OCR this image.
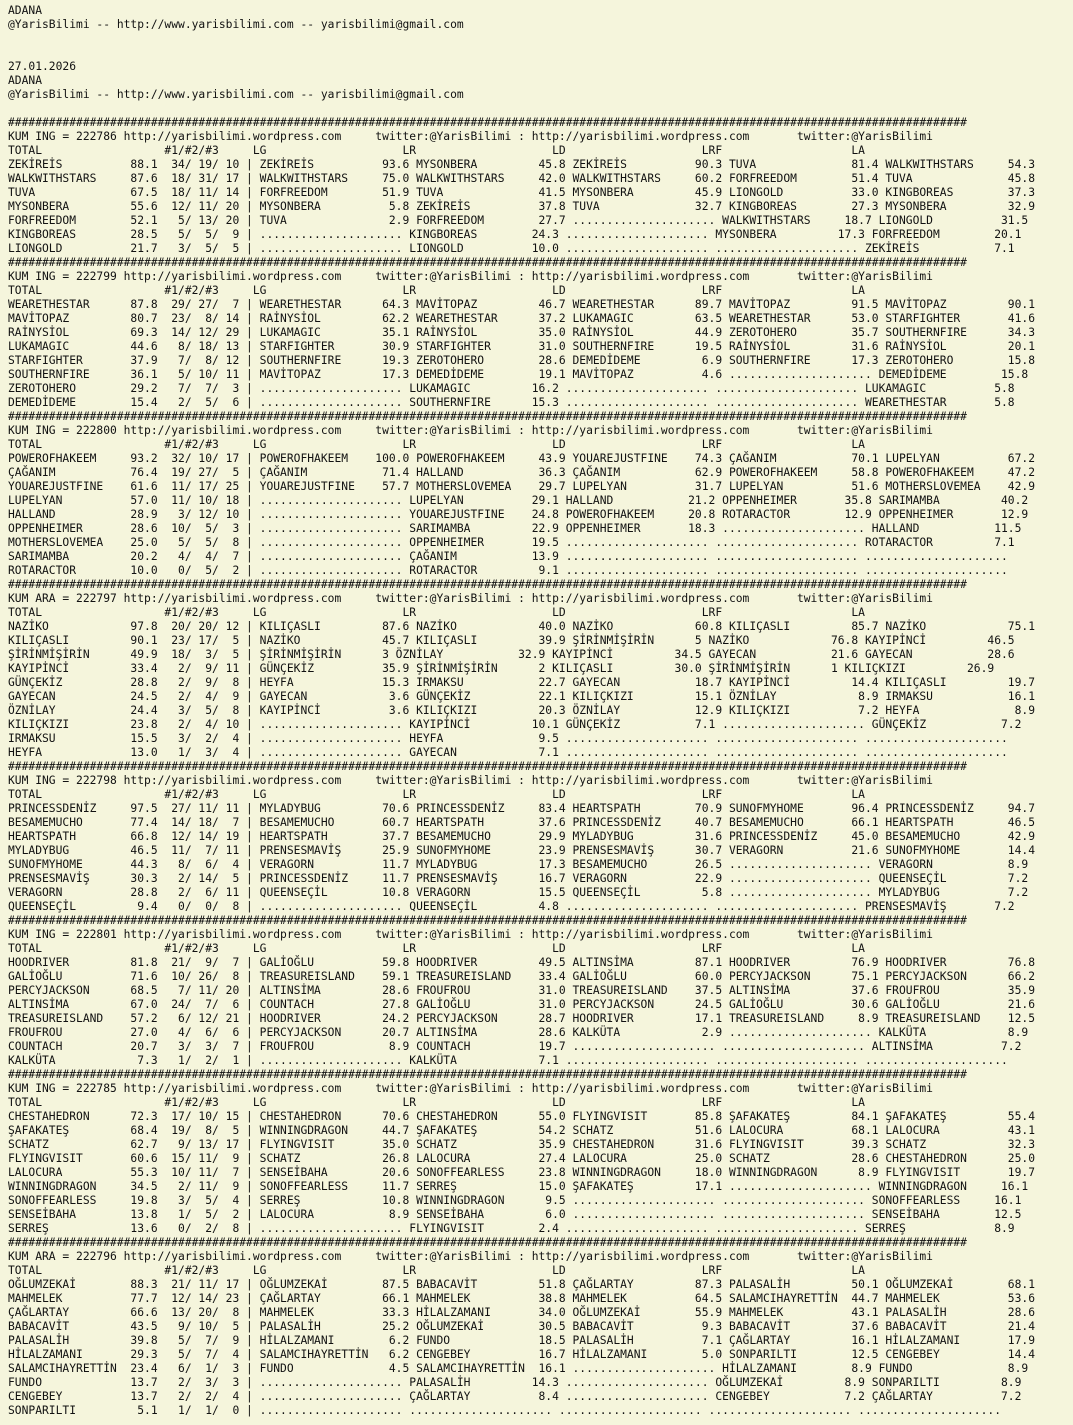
ADANA
@YarisBilimi -- http://www.yarisbilimi.com -- yarisbilimi@gmail.com
27.01.2026
ADANA
@YarisBilimi -- http://www.yarisbilimi.com -- yarisbilimi@gmail.com
#############################################################################################################################################
KUM ING = 222786 http://yarisbilimi.wordpress.com     twitter:@YarisBilimi : http://yarisbilimi.wordpress.com       twitter:@YarisBilimi
TOTAL                  #1/#2/#3     LG                    LR                    LD                    LRF                   LA
ZEKİREİS          88.1  34/ 19/ 10 | ZEKİREİS          93.6 MYSONBERA         45.8 ZEKİREİS          90.3 TUVA              81.4 WALKWITHSTARS     54.3
WALKWITHSTARS     87.6  18/ 31/ 17 | WALKWITHSTARS     75.0 WALKWITHSTARS     42.0 WALKWITHSTARS     60.2 FORFREEDOM        51.4 TUVA              45.8
TUVA              67.5  18/ 11/ 14 | FORFREEDOM        51.9 TUVA              41.5 MYSONBERA         45.9 LIONGOLD          33.0 KINGBOREAS        37.3
MYSONBERA         55.6  12/ 11/ 20 | MYSONBERA          5.8 ZEKİREİS          37.8 TUVA              32.7 KINGBOREAS        27.3 MYSONBERA         32.9
FORFREEDOM        52.1   5/ 13/ 20 | TUVA               2.9 FORFREEDOM        27.7 ..................... WALKWITHSTARS     18.7 LIONGOLD          31.5
KINGBOREAS        28.5   5/  5/  9 | ..................... KINGBOREAS        24.3 ..................... MYSONBERA         17.3 FORFREEDOM        20.1
LIONGOLD          21.7   3/  5/  5 | ..................... LIONGOLD          10.0 ..................... ..................... ZEKİREİS           7.1
#############################################################################################################################################
KUM ING = 222799 http://yarisbilimi.wordpress.com     twitter:@YarisBilimi : http://yarisbilimi.wordpress.com       twitter:@YarisBilimi
TOTAL                  #1/#2/#3     LG                    LR                    LD                    LRF                   LA
WEARETHESTAR      87.8  29/ 27/  7 | WEARETHESTAR      64.3 MAVİTOPAZ         46.7 WEARETHESTAR      89.7 MAVİTOPAZ         91.5 MAVİTOPAZ         90.1
MAVİTOPAZ         80.7  23/  8/ 14 | RAİNYSİOL         62.2 WEARETHESTAR      37.2 LUKAMAGIC         63.5 WEARETHESTAR      53.0 STARFIGHTER       41.6
RAİNYSİOL         69.3  14/ 12/ 29 | LUKAMAGIC         35.1 RAİNYSİOL         35.0 RAİNYSİOL         44.9 ZEROTOHERO        35.7 SOUTHERNFIRE      34.3
LUKAMAGIC         44.6   8/ 18/ 13 | STARFIGHTER       30.9 STARFIGHTER       31.0 SOUTHERNFIRE      19.5 RAİNYSİOL         31.6 RAİNYSİOL         20.1
STARFIGHTER       37.9   7/  8/ 12 | SOUTHERNFIRE      19.3 ZEROTOHERO        28.6 DEMEDİDEME         6.9 SOUTHERNFIRE      17.3 ZEROTOHERO        15.8
SOUTHERNFIRE      36.1   5/ 10/ 11 | MAVİTOPAZ         17.3 DEMEDİDEME        19.1 MAVİTOPAZ          4.6 ..................... DEMEDİDEME        15.8
ZEROTOHERO        29.2   7/  7/  3 | ..................... LUKAMAGIC         16.2 ..................... ..................... LUKAMAGIC          5.8
DEMEDİDEME        15.4   2/  5/  6 | ..................... SOUTHERNFIRE      15.3 ..................... ..................... WEARETHESTAR       5.8
#############################################################################################################################################
KUM ING = 222800 http://yarisbilimi.wordpress.com     twitter:@YarisBilimi : http://yarisbilimi.wordpress.com       twitter:@YarisBilimi
TOTAL                  #1/#2/#3     LG                    LR                    LD                    LRF                   LA
POWEROFHAKEEM     93.2  32/ 10/ 17 | POWEROFHAKEEM    100.0 POWEROFHAKEEM     43.9 YOUAREJUSTFINE    74.3 ÇAĞANIM           70.1 LUPELYAN          67.2
ÇAĞANIM           76.4  19/ 27/  5 | ÇAĞANIM           71.4 HALLAND           36.3 ÇAĞANIM           62.9 POWEROFHAKEEM     58.8 POWEROFHAKEEM     47.2
YOUAREJUSTFINE    61.6  11/ 17/ 25 | YOUAREJUSTFINE    57.7 MOTHERSLOVEMEA    29.7 LUPELYAN          31.7 LUPELYAN          51.6 MOTHERSLOVEMEA    42.9
LUPELYAN          57.0  11/ 10/ 18 | ..................... LUPELYAN          29.1 HALLAND           21.2 OPPENHEIMER       35.8 SARIMAMBA         40.2
HALLAND           28.9   3/ 12/ 10 | ..................... YOUAREJUSTFINE    24.8 POWEROFHAKEEM     20.8 ROTARACTOR        12.9 OPPENHEIMER       12.9
OPPENHEIMER       28.6  10/  5/  3 | ..................... SARIMAMBA         22.9 OPPENHEIMER       18.3 ..................... HALLAND           11.5
MOTHERSLOVEMEA    25.0   5/  5/  8 | ..................... OPPENHEIMER       19.5 ..................... ..................... ROTARACTOR         7.1
SARIMAMBA         20.2   4/  4/  7 | ..................... ÇAĞANIM           13.9 ..................... ..................... .....................
ROTARACTOR        10.0   0/  5/  2 | ..................... ROTARACTOR         9.1 ..................... ..................... .....................
#############################################################################################################################################
KUM ARA = 222797 http://yarisbilimi.wordpress.com     twitter:@YarisBilimi : http://yarisbilimi.wordpress.com       twitter:@YarisBilimi
TOTAL                  #1/#2/#3     LG                    LR                    LD                    LRF                   LA
NAZİKO            97.8  20/ 20/ 12 | KILIÇASLI         87.6 NAZİKO            40.0 NAZİKO            60.8 KILIÇASLI         85.7 NAZİKO            75.1
KILIÇASLI         90.1  23/ 17/  5 | NAZİKO            45.7 KILIÇASLI         39.9 ŞİRİNMİŞİRİN      5 NAZİKO            76.8 KAYIPİNCİ         46.5
ŞİRİNMİŞİRİN      49.9  18/  3/  5 | ŞİRİNMİŞİRİN      3 ÖZNİLAY           32.9 KAYIPİNCİ         34.5 GAYECAN           21.6 GAYECAN           28.6
KAYIPİNCİ         33.4   2/  9/ 11 | GÜNÇEKİZ          35.9 ŞİRİNMİŞİRİN      2 KILIÇASLI         30.0 ŞİRİNMİŞİRİN      1 KILIÇKIZI         26.9
GÜNÇEKİZ          28.8   2/  9/  8 | HEYFA             15.3 IRMAKSU           22.7 GAYECAN           18.7 KAYIPİNCİ         14.4 KILIÇASLI         19.7
GAYECAN           24.5   2/  4/  9 | GAYECAN            3.6 GÜNÇEKİZ          22.1 KILIÇKIZI         15.1 ÖZNİLAY            8.9 IRMAKSU           16.1
ÖZNİLAY           24.4   3/  5/  8 | KAYIPİNCİ          3.6 KILIÇKIZI         20.3 ÖZNİLAY           12.9 KILIÇKIZI          7.2 HEYFA              8.9
KILIÇKIZI         23.8   2/  4/ 10 | ..................... KAYIPİNCİ         10.1 GÜNÇEKİZ           7.1 ..................... GÜNÇEKİZ           7.2
IRMAKSU           15.5   3/  2/  4 | ..................... HEYFA              9.5 ..................... ..................... .....................
HEYFA             13.0   1/  3/  4 | ..................... GAYECAN            7.1 ..................... ..................... .....................
#############################################################################################################################################
KUM ING = 222798 http://yarisbilimi.wordpress.com     twitter:@YarisBilimi : http://yarisbilimi.wordpress.com       twitter:@YarisBilimi
TOTAL                  #1/#2/#3     LG                    LR                    LD                    LRF                   LA
PRINCESSDENİZ     97.5  27/ 11/ 11 | MYLADYBUG         70.6 PRINCESSDENİZ     83.4 HEARTSPATH        70.9 SUNOFMYHOME       96.4 PRINCESSDENİZ     94.7
BESAMEMUCHO       77.4  14/ 18/  7 | BESAMEMUCHO       60.7 HEARTSPATH        37.6 PRINCESSDENİZ     40.7 BESAMEMUCHO       66.1 HEARTSPATH        46.5
HEARTSPATH        66.8  12/ 14/ 19 | HEARTSPATH        37.7 BESAMEMUCHO       29.9 MYLADYBUG         31.6 PRINCESSDENİZ     45.0 BESAMEMUCHO       42.9
MYLADYBUG         46.5  11/  7/ 11 | PRENSESMAVİŞ      25.9 SUNOFMYHOME       23.9 PRENSESMAVİŞ      30.7 VERAGORN          21.6 SUNOFMYHOME       14.4
SUNOFMYHOME       44.3   8/  6/  4 | VERAGORN          11.7 MYLADYBUG         17.3 BESAMEMUCHO       26.5 ..................... VERAGORN           8.9
PRENSESMAVİŞ      30.3   2/ 14/  5 | PRINCESSDENİZ     11.7 PRENSESMAVİŞ      16.7 VERAGORN          22.9 ..................... QUEENSEÇİL         7.2
VERAGORN          28.8   2/  6/ 11 | QUEENSEÇİL        10.8 VERAGORN          15.5 QUEENSEÇİL         5.8 ..................... MYLADYBUG          7.2
QUEENSEÇİL         9.4   0/  0/  8 | ..................... QUEENSEÇİL         4.8 ..................... ..................... PRENSESMAVİŞ       7.2
#############################################################################################################################################
KUM ING = 222801 http://yarisbilimi.wordpress.com     twitter:@YarisBilimi : http://yarisbilimi.wordpress.com       twitter:@YarisBilimi
TOTAL                  #1/#2/#3     LG                    LR                    LD                    LRF                   LA
HOODRIVER         81.8  21/  9/  7 | GALİOĞLU          59.8 HOODRIVER         49.5 ALTINSİMA         87.1 HOODRIVER         76.9 HOODRIVER         76.8
GALİOĞLU          71.6  10/ 26/  8 | TREASUREISLAND    59.1 TREASUREISLAND    33.4 GALİOĞLU          60.0 PERCYJACKSON      75.1 PERCYJACKSON      66.2
PERCYJACKSON      68.5   7/ 11/ 20 | ALTINSİMA         28.6 FROUFROU          31.0 TREASUREISLAND    37.5 ALTINSİMA         37.6 FROUFROU          35.9
ALTINSİMA         67.0  24/  7/  6 | COUNTACH          27.8 GALİOĞLU          31.0 PERCYJACKSON      24.5 GALİOĞLU          30.6 GALİOĞLU          21.6
TREASUREISLAND    57.2   6/ 12/ 21 | HOODRIVER         24.2 PERCYJACKSON      28.7 HOODRIVER         17.1 TREASUREISLAND     8.9 TREASUREISLAND    12.5
FROUFROU          27.0   4/  6/  6 | PERCYJACKSON      20.7 ALTINSİMA         28.6 KALKÜTA            2.9 ..................... KALKÜTA            8.9
COUNTACH          20.7   3/  3/  7 | FROUFROU           8.9 COUNTACH          19.7 ..................... ..................... ALTINSİMA          7.2
KALKÜTA            7.3   1/  2/  1 | ..................... KALKÜTA            7.1 ..................... ..................... .....................
#############################################################################################################################################
KUM ING = 222785 http://yarisbilimi.wordpress.com     twitter:@YarisBilimi : http://yarisbilimi.wordpress.com       twitter:@YarisBilimi
TOTAL                  #1/#2/#3     LG                    LR                    LD                    LRF                   LA
CHESTAHEDRON      72.3  17/ 10/ 15 | CHESTAHEDRON      70.6 CHESTAHEDRON      55.0 FLYINGVISIT       85.8 ŞAFAKATEŞ         84.1 ŞAFAKATEŞ         55.4
ŞAFAKATEŞ         68.4  19/  8/  5 | WINNINGDRAGON     44.7 ŞAFAKATEŞ         54.2 SCHATZ            51.6 LALOCURA          68.1 LALOCURA          43.1
SCHATZ            62.7   9/ 13/ 17 | FLYINGVISIT       35.0 SCHATZ            35.9 CHESTAHEDRON      31.6 FLYINGVISIT       39.3 SCHATZ            32.3
FLYINGVISIT       60.6  15/ 11/  9 | SCHATZ            26.8 LALOCURA          27.4 LALOCURA          25.0 SCHATZ            28.6 CHESTAHEDRON      25.0
LALOCURA          55.3  10/ 11/  7 | SENSEİBAHA        20.6 SONOFFEARLESS     23.8 WINNINGDRAGON     18.0 WINNINGDRAGON      8.9 FLYINGVISIT       19.7
WINNINGDRAGON     34.5   2/ 11/  9 | SONOFFEARLESS     11.7 SERREŞ            15.0 ŞAFAKATEŞ         17.1 ..................... WINNINGDRAGON     16.1
SONOFFEARLESS     19.8   3/  5/  4 | SERREŞ            10.8 WINNINGDRAGON      9.5 ..................... ..................... SONOFFEARLESS     16.1
SENSEİBAHA        13.8   1/  5/  2 | LALOCURA           8.9 SENSEİBAHA         6.0 ..................... ..................... SENSEİBAHA        12.5
SERREŞ            13.6   0/  2/  8 | ..................... FLYINGVISIT        2.4 ..................... ..................... SERREŞ             8.9
#############################################################################################################################################
KUM ARA = 222796 http://yarisbilimi.wordpress.com     twitter:@YarisBilimi : http://yarisbilimi.wordpress.com       twitter:@YarisBilimi
TOTAL                  #1/#2/#3     LG                    LR                    LD                    LRF                   LA
OĞLUMZEKAİ        88.3  21/ 11/ 17 | OĞLUMZEKAİ        87.5 BABACAVİT         51.8 ÇAĞLARTAY         87.3 PALASALİH         50.1 OĞLUMZEKAİ        68.1
MAHMELEK          77.7  12/ 14/ 23 | ÇAĞLARTAY         66.1 MAHMELEK          38.8 MAHMELEK          64.5 SALAMCIHAYRETTİN  44.7 MAHMELEK          53.6
ÇAĞLARTAY         66.6  13/ 20/  8 | MAHMELEK          33.3 HİLALZAMANI       34.0 OĞLUMZEKAİ        55.9 MAHMELEK          43.1 PALASALİH         28.6
BABACAVİT         43.5   9/ 10/  5 | PALASALİH         25.2 OĞLUMZEKAİ        30.5 BABACAVİT          9.3 BABACAVİT         37.6 BABACAVİT         21.4
PALASALİH         39.8   5/  7/  9 | HİLALZAMANI        6.2 FUNDO             18.5 PALASALİH          7.1 ÇAĞLARTAY         16.1 HİLALZAMANI       17.9
HİLALZAMANI       29.3   5/  7/  4 | SALAMCIHAYRETTİN   6.2 CENGEBEY          16.7 HİLALZAMANI        5.0 SONPARILTI        12.5 CENGEBEY          14.4
SALAMCIHAYRETTİN  23.4   6/  1/  3 | FUNDO              4.5 SALAMCIHAYRETTİN  16.1 ..................... HİLALZAMANI        8.9 FUNDO              8.9
FUNDO             13.7   2/  3/  3 | ..................... PALASALİH         14.3 ..................... OĞLUMZEKAİ         8.9 SONPARILTI         8.9
CENGEBEY          13.7   2/  2/  4 | ..................... ÇAĞLARTAY          8.4 ..................... CENGEBEY           7.2 ÇAĞLARTAY          7.2
SONPARILTI         5.1   1/  1/  0 | ..................... ..................... ..................... ..................... .....................
